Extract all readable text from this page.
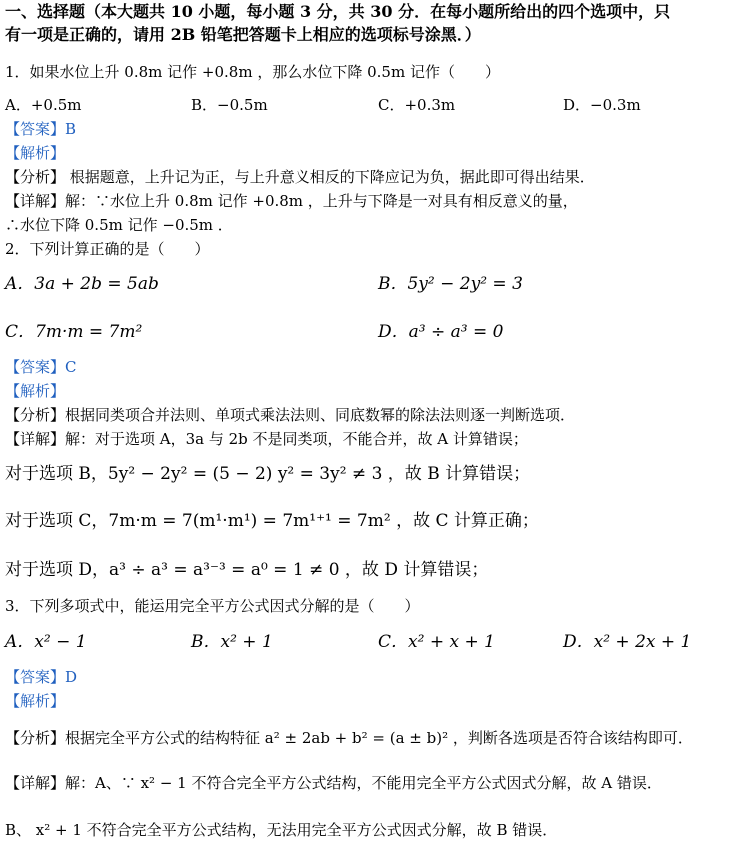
一、选择题（本大题共 10 小题，每小题 3 分，共 30 分．在每小题所给出的四个选项中，只
有一项是正确的，请用 2B 铅笔把答题卡上相应的选项标号涂黑．）
1．如果水位上升 0.8m 记作 +0.8m ，那么水位下降 0.5m 记作（　　）
A．+0.5m	B．−0.5m	C．+0.3m	D．−0.3m
【答案】B
【解析】
【分析】 根据题意，上升记为正，与上升意义相反的下降应记为负，据此即可得出结果．
【详解】解：∵水位上升 0.8m 记作 +0.8m ，上升与下降是一对具有相反意义的量，
∴水位下降 0.5m 记作 −0.5m ．
2．下列计算正确的是（　　）
A．3a + 2b = 5ab	B．5y² − 2y² = 3
C．7m·m = 7m²	D．a³ ÷ a³ = 0
【答案】C
【解析】
【分析】根据同类项合并法则、单项式乘法法则、同底数幂的除法法则逐一判断选项．
【详解】解：对于选项 A，3a 与 2b 不是同类项，不能合并，故 A 计算错误；
对于选项 B，5y² − 2y² = (5 − 2) y² = 3y² ≠ 3 ，故 B 计算错误；
对于选项 C，7m·m = 7(m¹·m¹) = 7m¹⁺¹ = 7m² ，故 C 计算正确；
对于选项 D，a³ ÷ a³ = a³⁻³ = a⁰ = 1 ≠ 0 ，故 D 计算错误；
3．下列多项式中，能运用完全平方公式因式分解的是（　　）
A．x² − 1	B．x² + 1	C．x² + x + 1	D．x² + 2x + 1
【答案】D
【解析】
【分析】根据完全平方公式的结构特征 a² ± 2ab + b² = (a ± b)² ，判断各选项是否符合该结构即可．
【详解】解：A、∵ x² − 1 不符合完全平方公式结构，不能用完全平方公式因式分解，故 A 错误．
B、 x² + 1 不符合完全平方公式结构，无法用完全平方公式因式分解，故 B 错误．
